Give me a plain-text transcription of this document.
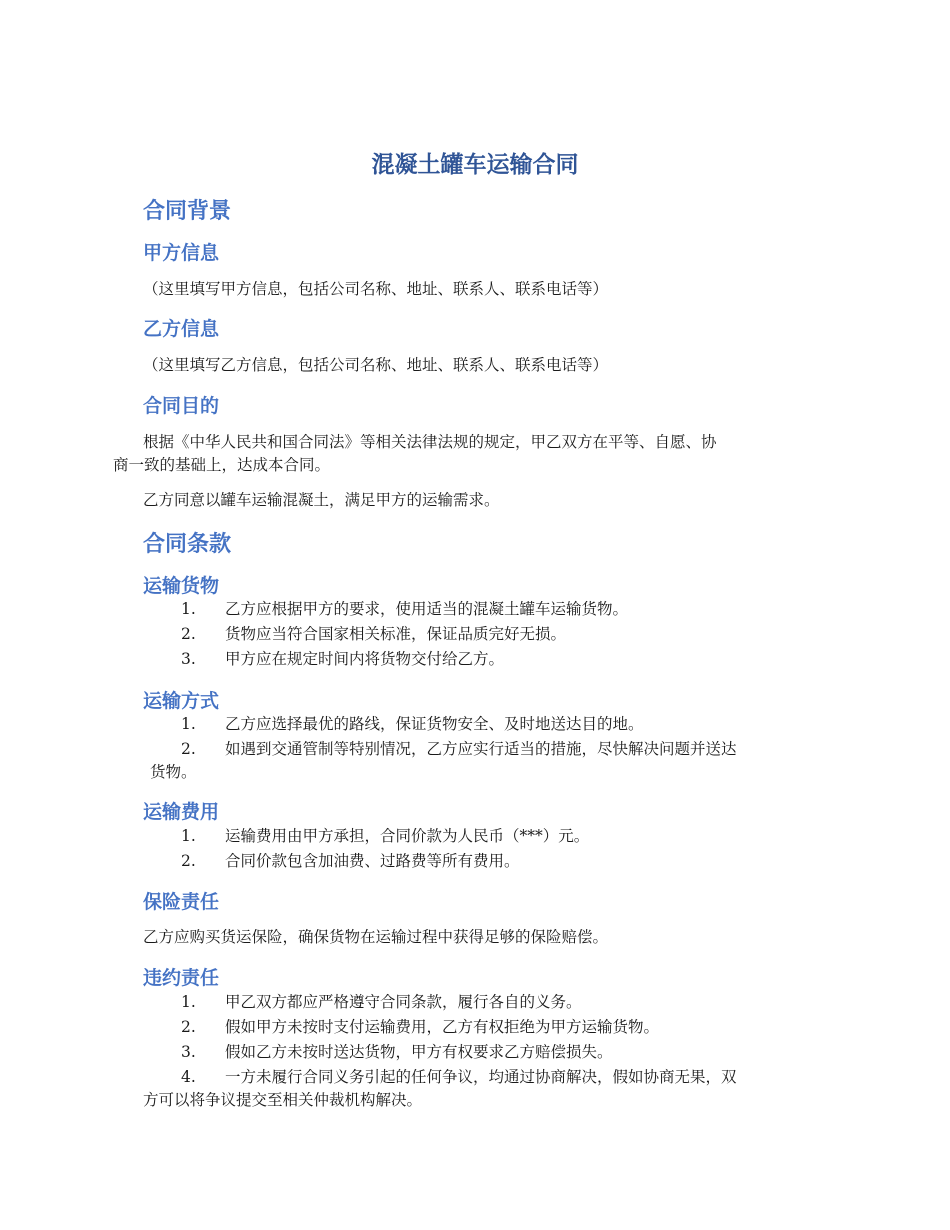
混凝土罐车运输合同
合同背景
甲方信息

（这里填写甲方信息，包括公司名称、地址、联系人、联系电话等）

乙方信息

（这里填写乙方信息，包括公司名称、地址、联系人、联系电话等）

合同目的

根据《中华人民共和国合同法》等相关法律法规的规定，甲乙双方在平等、自愿、协

商一致的基础上，达成本合同。

乙方同意以罐车运输混凝土，满足甲方的运输需求。

合同条款
运输货物
1.	乙方应根据甲方的要求，使用适当的混凝土罐车运输货物。
2.	货物应当符合国家相关标准，保证品质完好无损。
3.	甲方应在规定时间内将货物交付给乙方。
运输方式
1.	乙方应选择最优的路线，保证货物安全、及时地送达目的地。
2.	如遇到交通管制等特别情况，乙方应实行适当的措施，尽快解决问题并送达

货物。

运输费用
1.	运输费用由甲方承担，合同价款为人民币（***）元。
2.	合同价款包含加油费、过路费等所有费用。
保险责任

乙方应购买货运保险，确保货物在运输过程中获得足够的保险赔偿。

违约责任
1.	甲乙双方都应严格遵守合同条款，履行各自的义务。
2.	假如甲方未按时支付运输费用，乙方有权拒绝为甲方运输货物。
3.	假如乙方未按时送达货物，甲方有权要求乙方赔偿损失。
4.	一方未履行合同义务引起的任何争议，均通过协商解决，假如协商无果，双

方可以将争议提交至相关仲裁机构解决。
